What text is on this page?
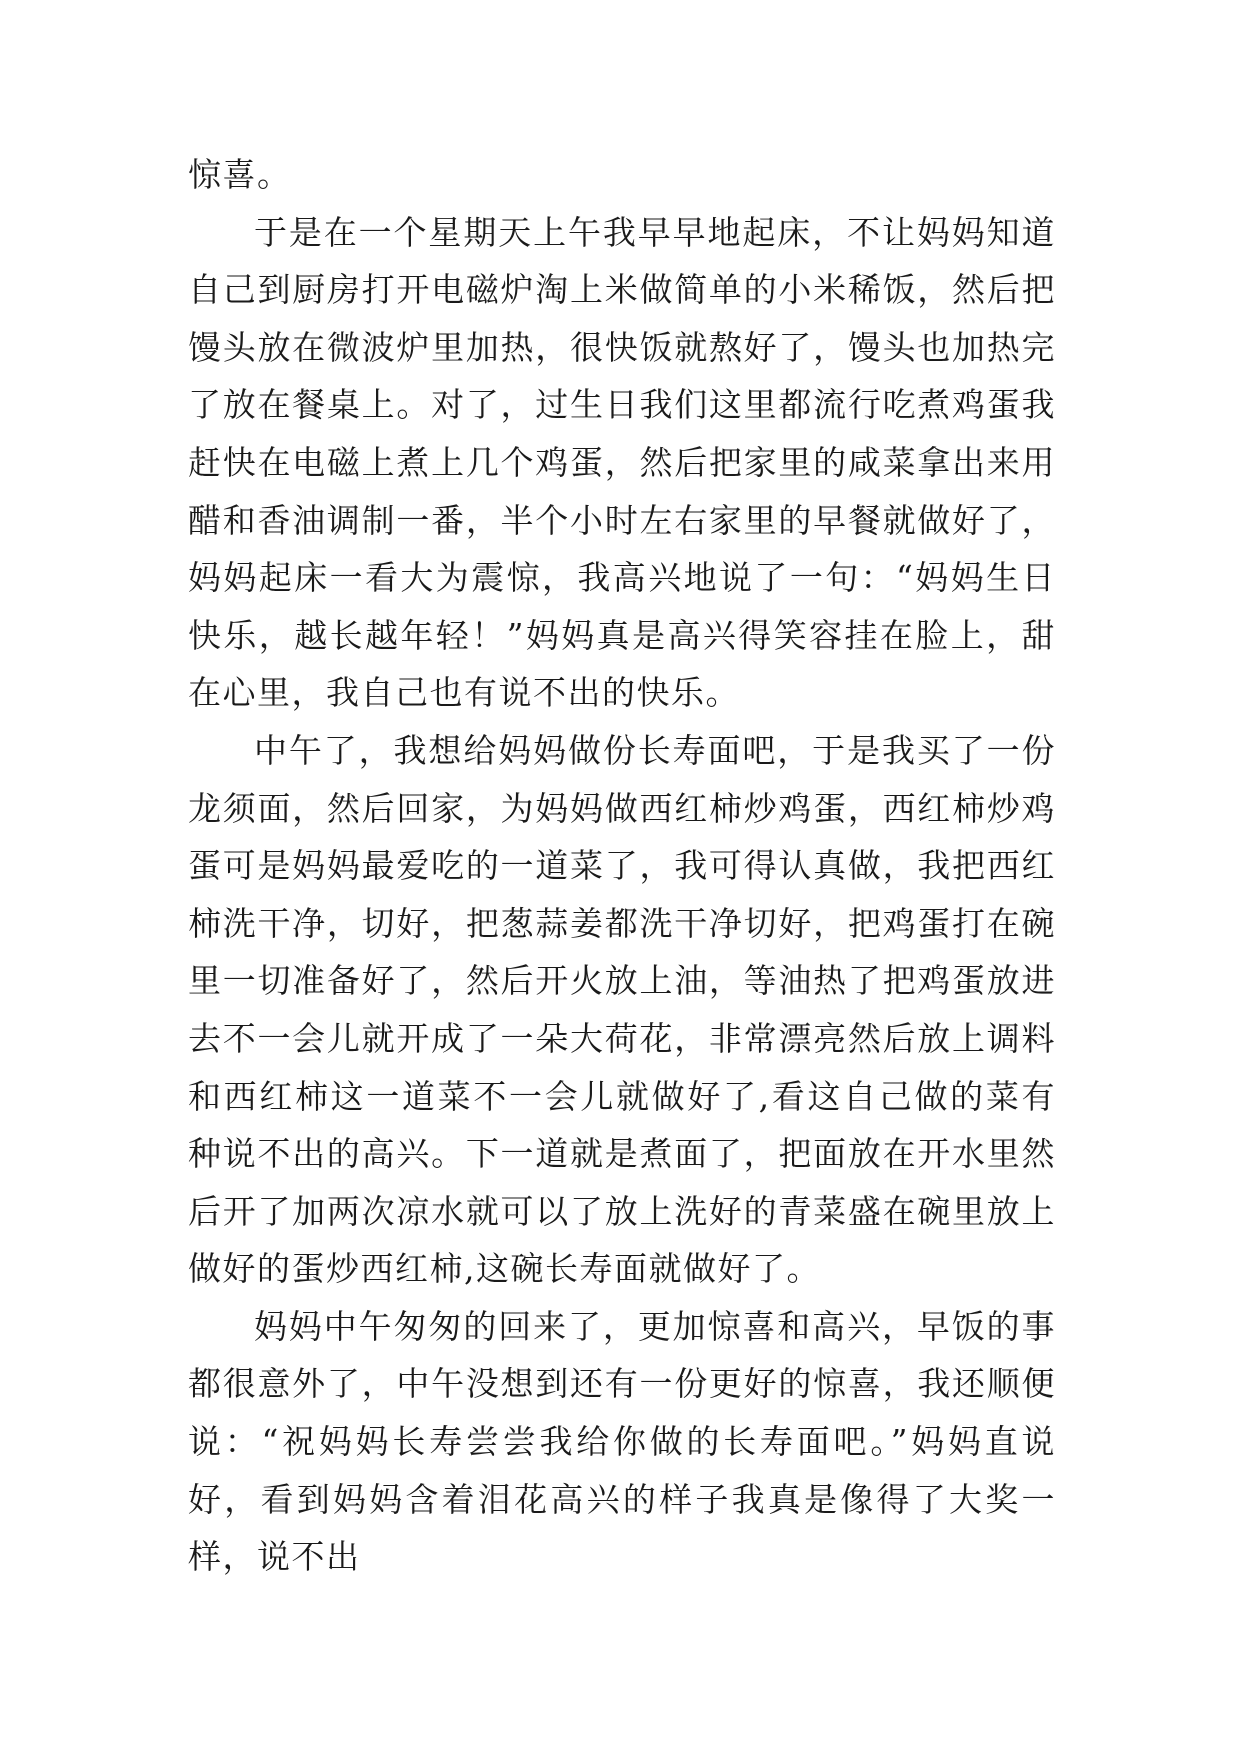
惊喜。

于是在一个星期天上午我早早地起床，不让妈妈知道自己到厨房打开电磁炉淘上米做简单的小米稀饭，然后把馒头放在微波炉里加热，很快饭就熬好了，馒头也加热完了放在餐桌上。对了，过生日我们这里都流行吃煮鸡蛋我赶快在电磁上煮上几个鸡蛋，然后把家里的咸菜拿出来用醋和香油调制一番，半个小时左右家里的早餐就做好了，妈妈起床一看大为震惊，我高兴地说了一句：“妈妈生日快乐，越长越年轻！”妈妈真是高兴得笑容挂在脸上，甜在心里，我自己也有说不出的快乐。

中午了，我想给妈妈做份长寿面吧，于是我买了一份龙须面，然后回家，为妈妈做西红柿炒鸡蛋，西红柿炒鸡蛋可是妈妈最爱吃的一道菜了，我可得认真做，我把西红柿洗干净，切好，把葱蒜姜都洗干净切好，把鸡蛋打在碗里一切准备好了，然后开火放上油，等油热了把鸡蛋放进去不一会儿就开成了一朵大荷花，非常漂亮然后放上调料和西红柿这一道菜不一会儿就做好了,看这自己做的菜有种说不出的高兴。下一道就是煮面了，把面放在开水里然后开了加两次凉水就可以了放上洗好的青菜盛在碗里放上做好的蛋炒西红柿,这碗长寿面就做好了。

妈妈中午匆匆的回来了，更加惊喜和高兴，早饭的事都很意外了，中午没想到还有一份更好的惊喜，我还顺便说：“祝妈妈长寿尝尝我给你做的长寿面吧。”妈妈直说好，看到妈妈含着泪花高兴的样子我真是像得了大奖一样，说不出
